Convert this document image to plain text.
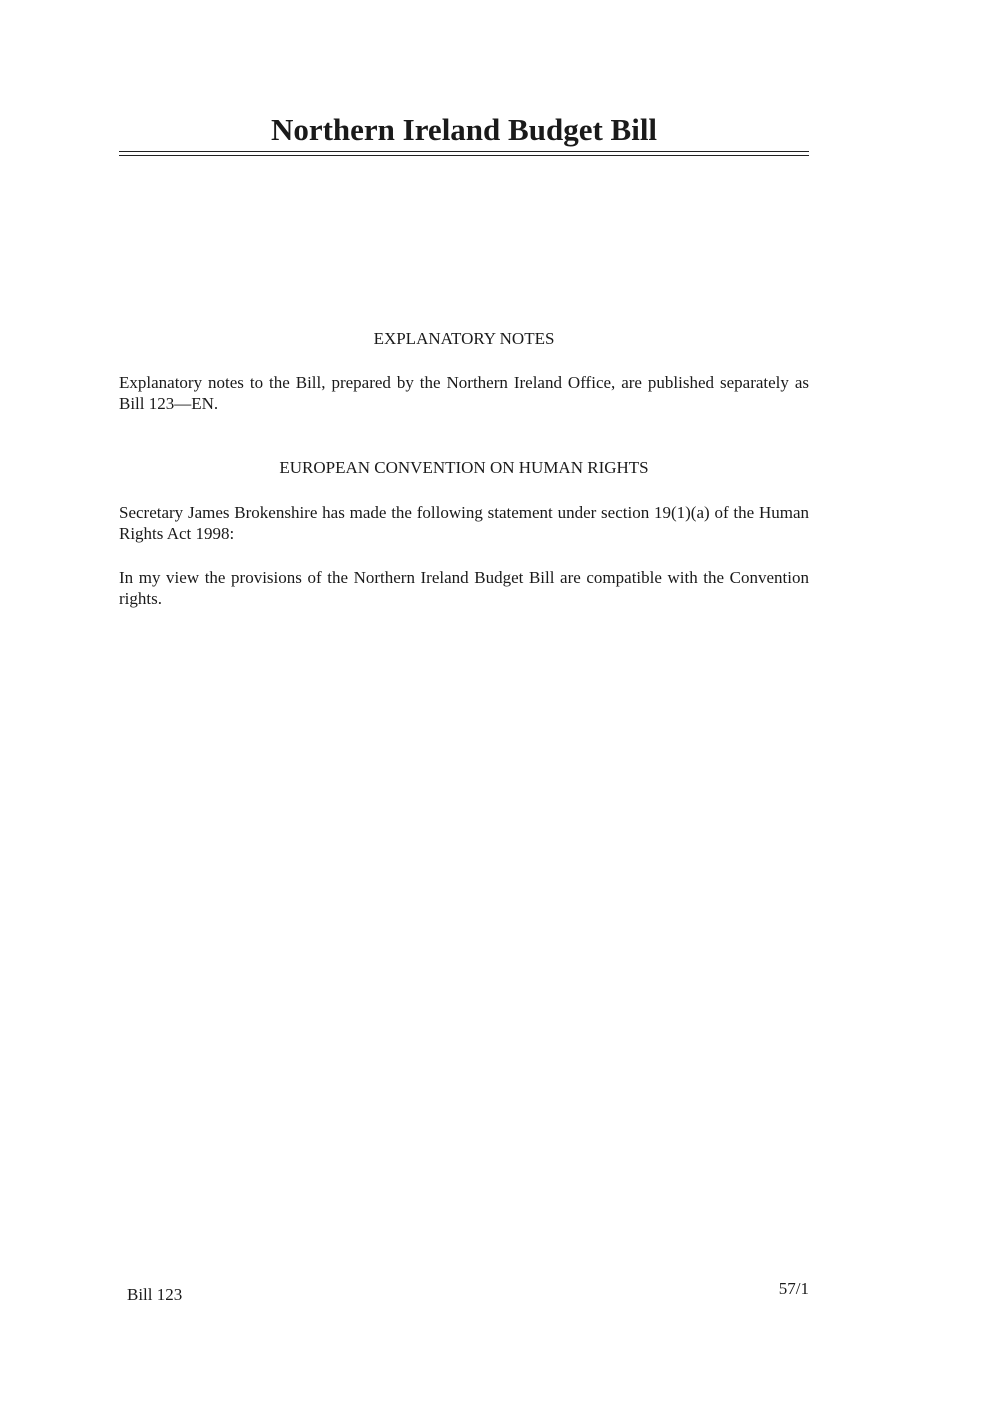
Northern Ireland Budget Bill
EXPLANATORY NOTES

Explanatory notes to the Bill, prepared by the Northern Ireland Office, are published separately as Bill 123—EN.

EUROPEAN CONVENTION ON HUMAN RIGHTS

Secretary James Brokenshire has made the following statement under section 19(1)(a) of the Human Rights Act 1998:

In my view the provisions of the Northern Ireland Budget Bill are compatible with the Convention rights.

Bill 123	57/1
